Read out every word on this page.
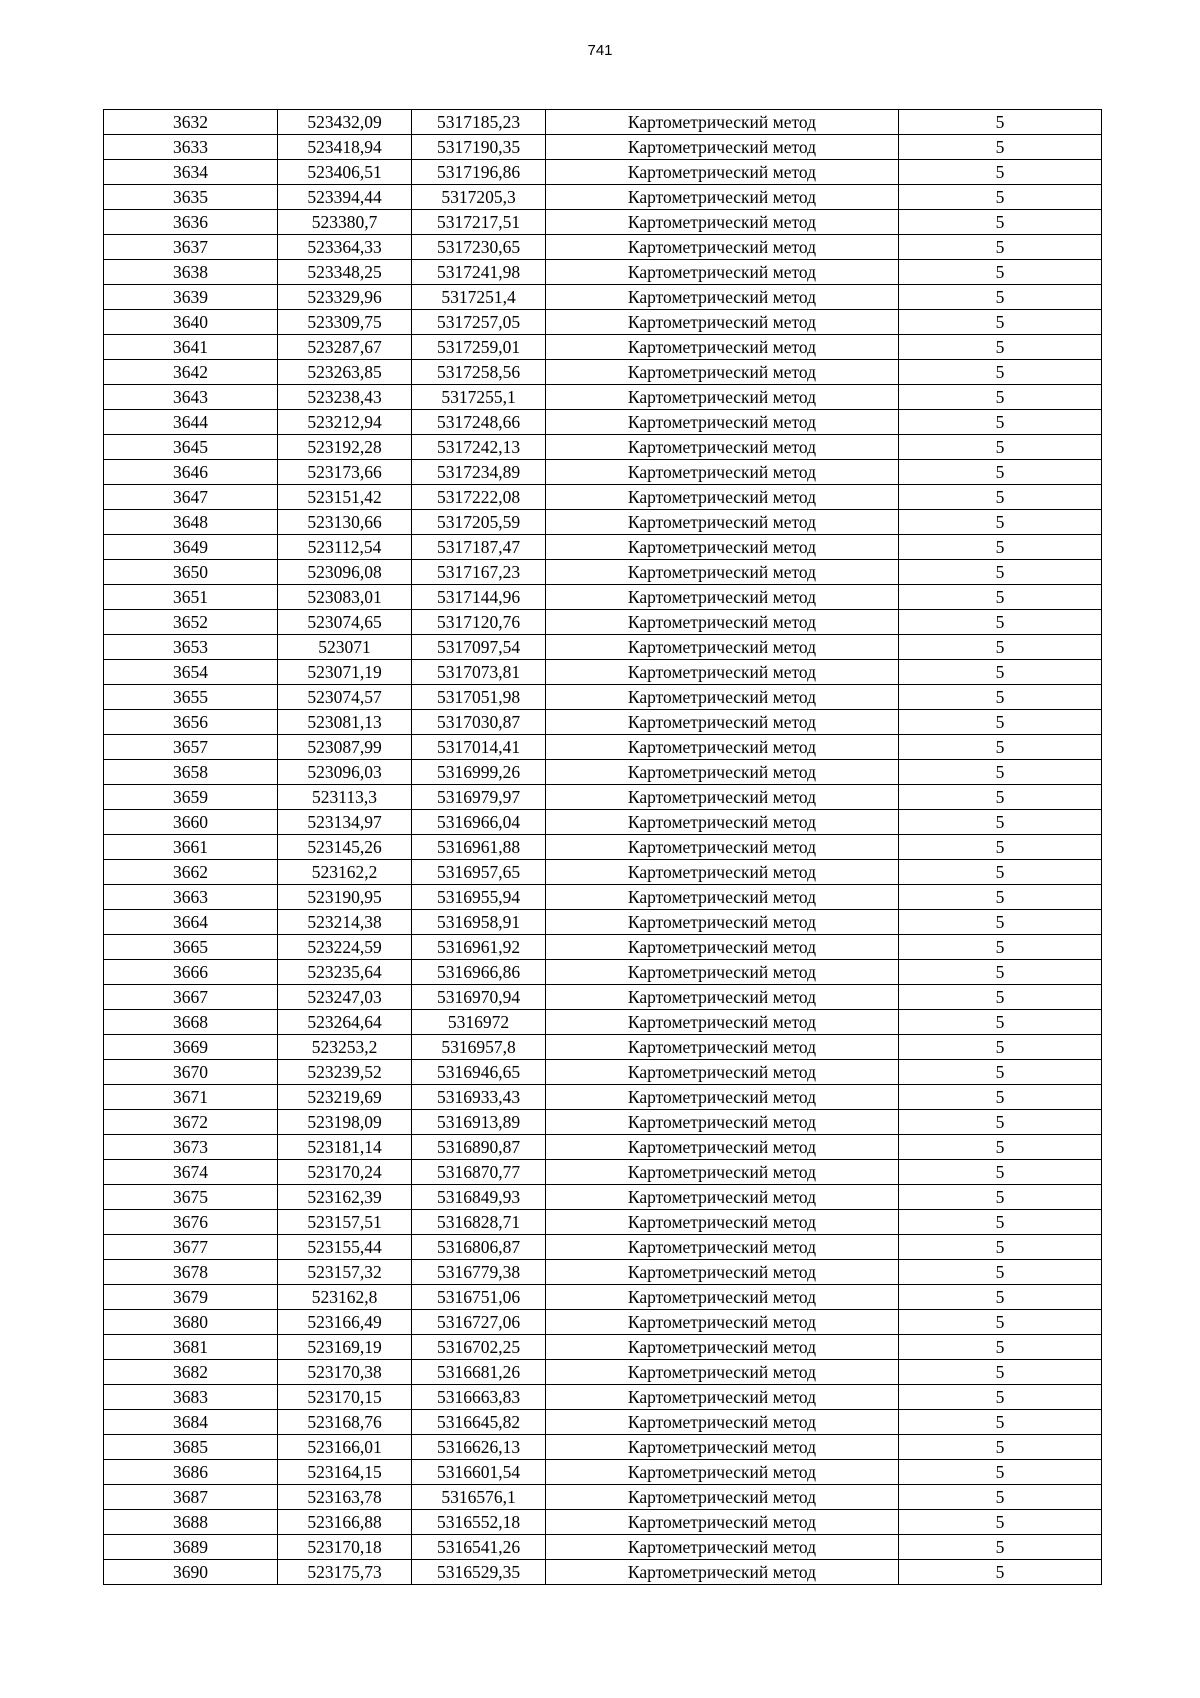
741
3632	523432,09	5317185,23	Картометрический метод	5
3633	523418,94	5317190,35	Картометрический метод	5
3634	523406,51	5317196,86	Картометрический метод	5
3635	523394,44	5317205,3	Картометрический метод	5
3636	523380,7	5317217,51	Картометрический метод	5
3637	523364,33	5317230,65	Картометрический метод	5
3638	523348,25	5317241,98	Картометрический метод	5
3639	523329,96	5317251,4	Картометрический метод	5
3640	523309,75	5317257,05	Картометрический метод	5
3641	523287,67	5317259,01	Картометрический метод	5
3642	523263,85	5317258,56	Картометрический метод	5
3643	523238,43	5317255,1	Картометрический метод	5
3644	523212,94	5317248,66	Картометрический метод	5
3645	523192,28	5317242,13	Картометрический метод	5
3646	523173,66	5317234,89	Картометрический метод	5
3647	523151,42	5317222,08	Картометрический метод	5
3648	523130,66	5317205,59	Картометрический метод	5
3649	523112,54	5317187,47	Картометрический метод	5
3650	523096,08	5317167,23	Картометрический метод	5
3651	523083,01	5317144,96	Картометрический метод	5
3652	523074,65	5317120,76	Картометрический метод	5
3653	523071	5317097,54	Картометрический метод	5
3654	523071,19	5317073,81	Картометрический метод	5
3655	523074,57	5317051,98	Картометрический метод	5
3656	523081,13	5317030,87	Картометрический метод	5
3657	523087,99	5317014,41	Картометрический метод	5
3658	523096,03	5316999,26	Картометрический метод	5
3659	523113,3	5316979,97	Картометрический метод	5
3660	523134,97	5316966,04	Картометрический метод	5
3661	523145,26	5316961,88	Картометрический метод	5
3662	523162,2	5316957,65	Картометрический метод	5
3663	523190,95	5316955,94	Картометрический метод	5
3664	523214,38	5316958,91	Картометрический метод	5
3665	523224,59	5316961,92	Картометрический метод	5
3666	523235,64	5316966,86	Картометрический метод	5
3667	523247,03	5316970,94	Картометрический метод	5
3668	523264,64	5316972	Картометрический метод	5
3669	523253,2	5316957,8	Картометрический метод	5
3670	523239,52	5316946,65	Картометрический метод	5
3671	523219,69	5316933,43	Картометрический метод	5
3672	523198,09	5316913,89	Картометрический метод	5
3673	523181,14	5316890,87	Картометрический метод	5
3674	523170,24	5316870,77	Картометрический метод	5
3675	523162,39	5316849,93	Картометрический метод	5
3676	523157,51	5316828,71	Картометрический метод	5
3677	523155,44	5316806,87	Картометрический метод	5
3678	523157,32	5316779,38	Картометрический метод	5
3679	523162,8	5316751,06	Картометрический метод	5
3680	523166,49	5316727,06	Картометрический метод	5
3681	523169,19	5316702,25	Картометрический метод	5
3682	523170,38	5316681,26	Картометрический метод	5
3683	523170,15	5316663,83	Картометрический метод	5
3684	523168,76	5316645,82	Картометрический метод	5
3685	523166,01	5316626,13	Картометрический метод	5
3686	523164,15	5316601,54	Картометрический метод	5
3687	523163,78	5316576,1	Картометрический метод	5
3688	523166,88	5316552,18	Картометрический метод	5
3689	523170,18	5316541,26	Картометрический метод	5
3690	523175,73	5316529,35	Картометрический метод	5
